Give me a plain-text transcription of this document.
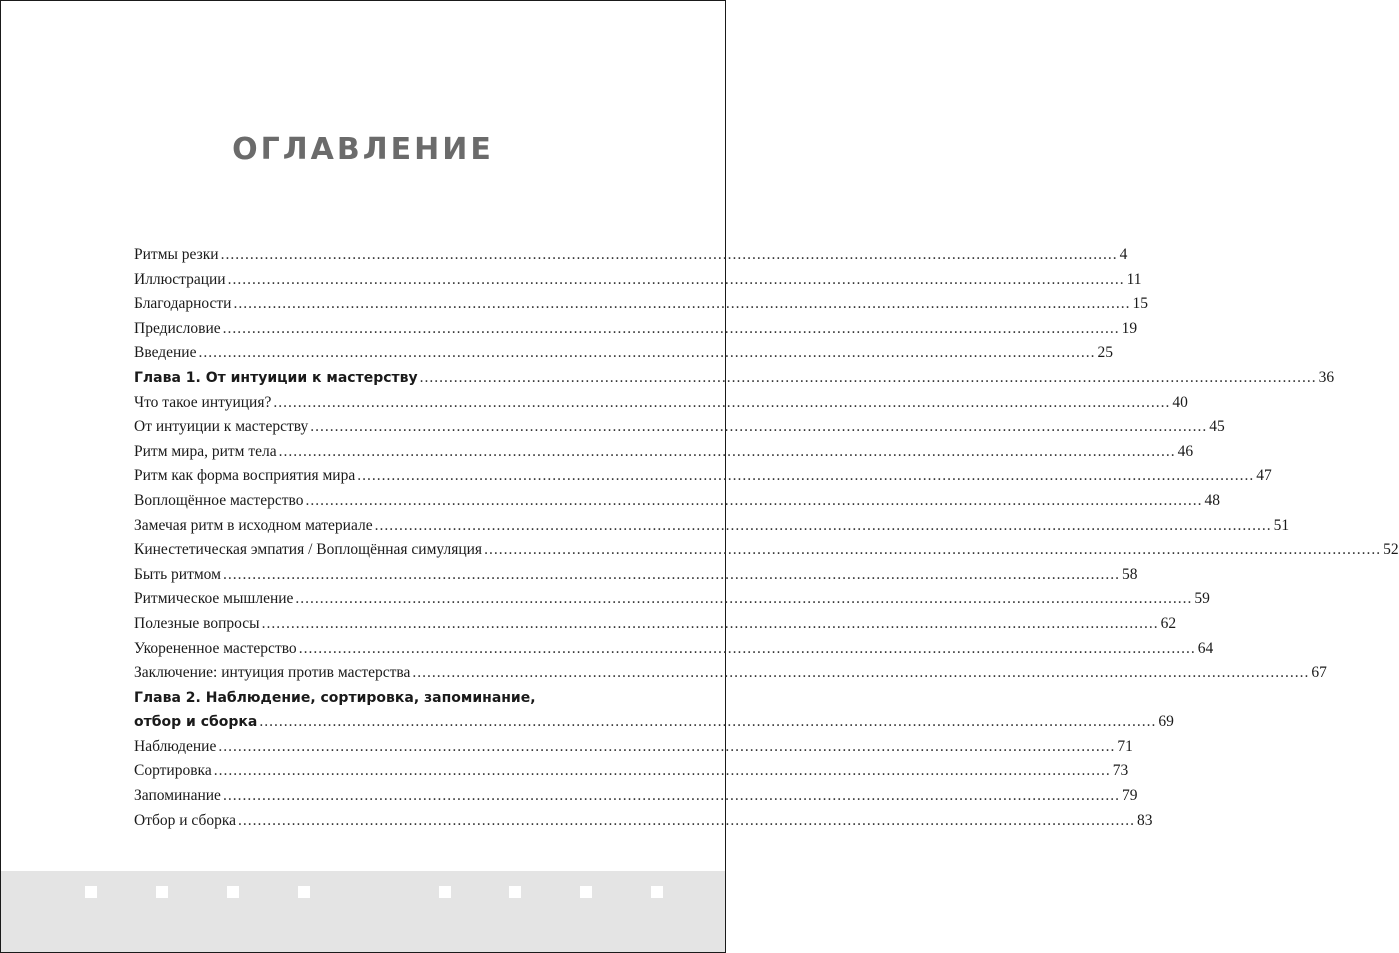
ОГЛАВЛЕНИЕ
Ритмы резки ........................................................................................................................................................................................ 4
Иллюстрации ........................................................................................................................................................................................ 11
Благодарности ........................................................................................................................................................................................ 15
Предисловие ........................................................................................................................................................................................ 19
Введение ........................................................................................................................................................................................ 25
Глава 1. От интуиции к мастерству ........................................................................................................................................................................................ 36
Что такое интуиция? ........................................................................................................................................................................................ 40
От интуиции к мастерству ........................................................................................................................................................................................ 45
Ритм мира, ритм тела ........................................................................................................................................................................................ 46
Ритм как форма восприятия мира ........................................................................................................................................................................................ 47
Воплощённое мастерство ........................................................................................................................................................................................ 48
Замечая ритм в исходном материале ........................................................................................................................................................................................ 51
Кинестетическая эмпатия / Воплощённая симуляция ........................................................................................................................................................................................ 52
Быть ритмом ........................................................................................................................................................................................ 58
Ритмическое мышление ........................................................................................................................................................................................ 59
Полезные вопросы ........................................................................................................................................................................................ 62
Укорененное мастерство ........................................................................................................................................................................................ 64
Заключение: интуиция против мастерства ........................................................................................................................................................................................ 67
Глава 2. Наблюдение, сортировка, запоминание,
отбор и сборка ........................................................................................................................................................................................ 69
Наблюдение ........................................................................................................................................................................................ 71
Сортировка ........................................................................................................................................................................................ 73
Запоминание ........................................................................................................................................................................................ 79
Отбор и сборка ........................................................................................................................................................................................ 83
